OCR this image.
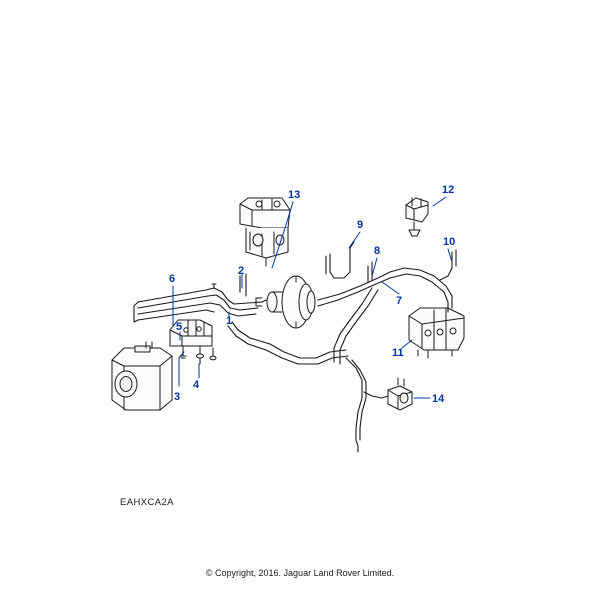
1
2
3
4
5
6
7
8
9
10
11
12
13
14
EAHXCA2A
© Copyright, 2016. Jaguar Land Rover Limited.
